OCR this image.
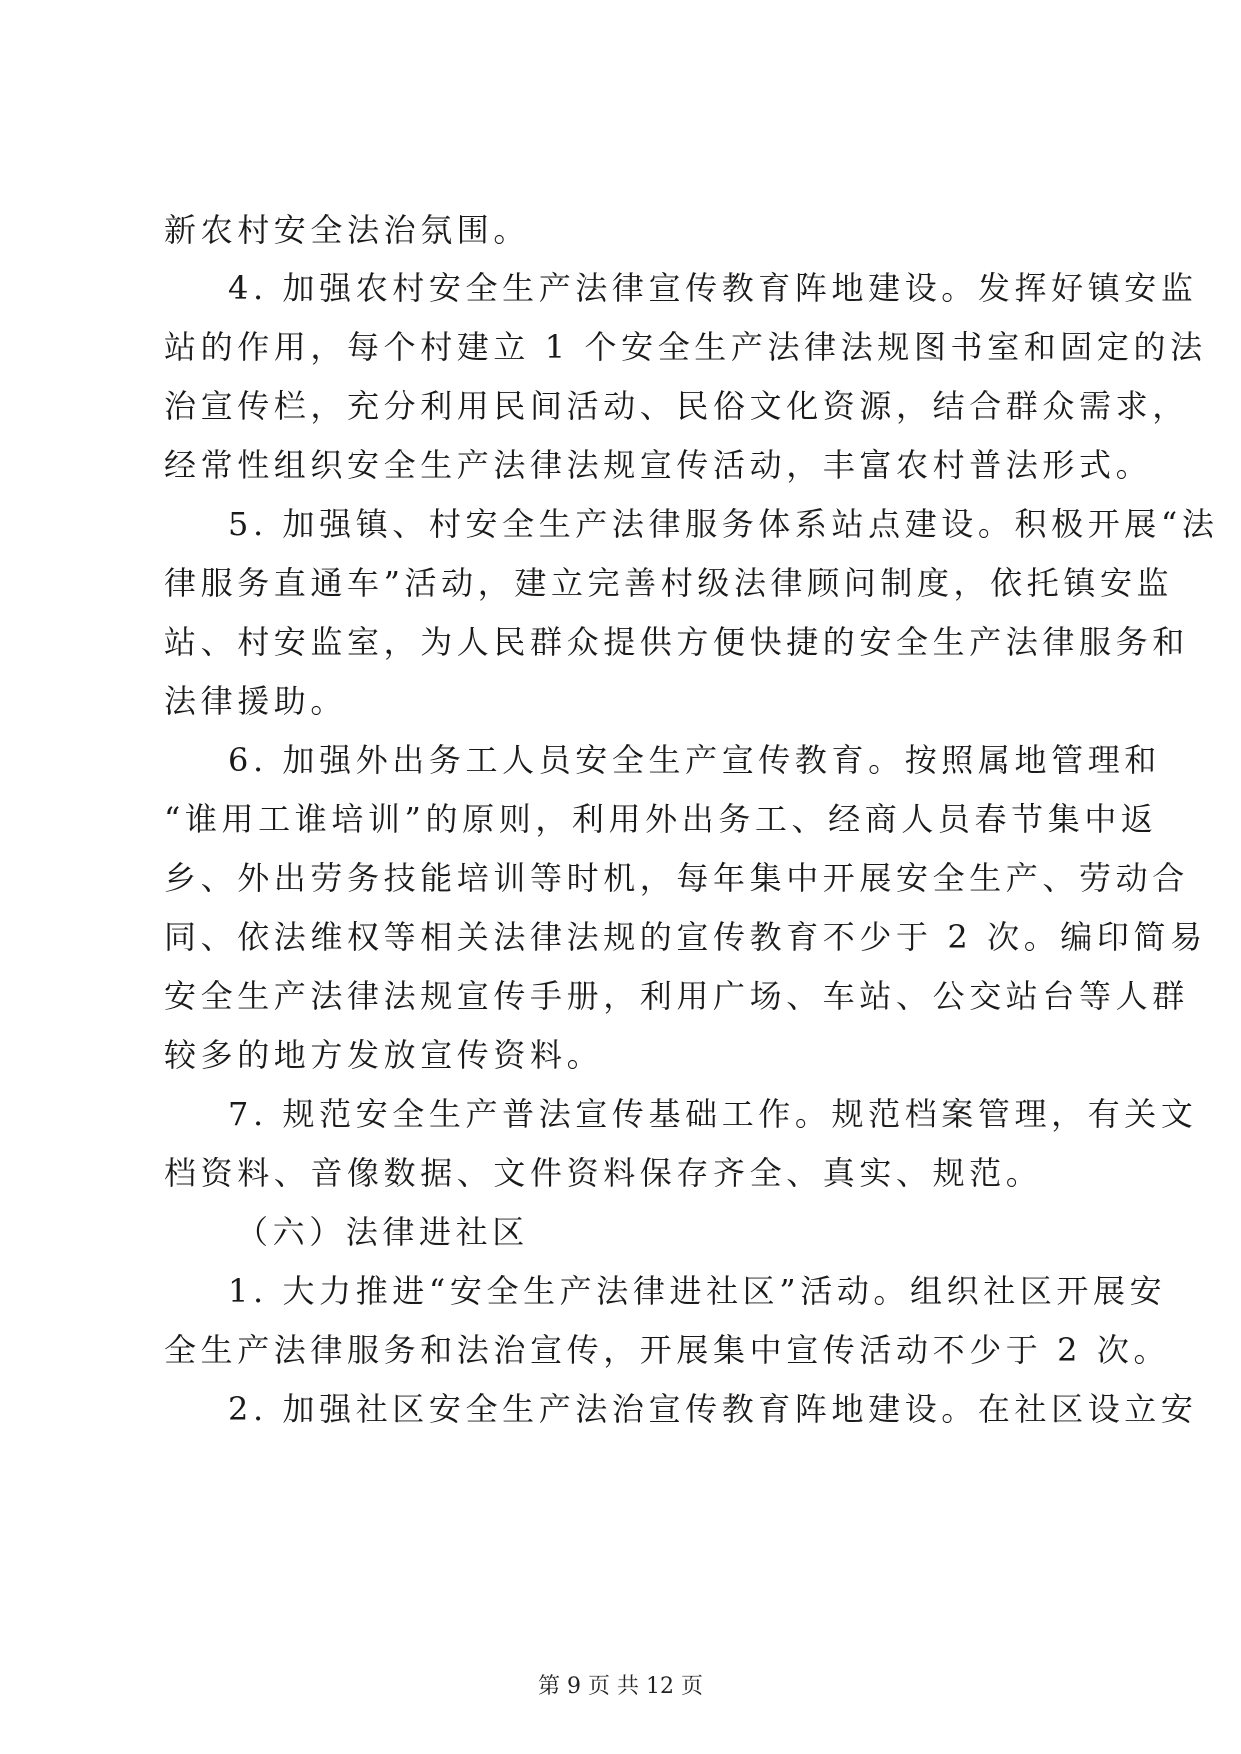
新农村安全法治氛围。
4. 加强农村安全生产法律宣传教育阵地建设。发挥好镇安监
站的作用，每个村建立 1 个安全生产法律法规图书室和固定的法
治宣传栏，充分利用民间活动、民俗文化资源，结合群众需求，
经常性组织安全生产法律法规宣传活动，丰富农村普法形式。
5. 加强镇、村安全生产法律服务体系站点建设。积极开展“法
律服务直通车”活动，建立完善村级法律顾问制度，依托镇安监
站、村安监室，为人民群众提供方便快捷的安全生产法律服务和
法律援助。
6. 加强外出务工人员安全生产宣传教育。按照属地管理和
“谁用工谁培训”的原则，利用外出务工、经商人员春节集中返
乡、外出劳务技能培训等时机，每年集中开展安全生产、劳动合
同、依法维权等相关法律法规的宣传教育不少于 2 次。编印简易
安全生产法律法规宣传手册，利用广场、车站、公交站台等人群
较多的地方发放宣传资料。
7. 规范安全生产普法宣传基础工作。规范档案管理，有关文
档资料、音像数据、文件资料保存齐全、真实、规范。
（六）法律进社区
1. 大力推进“安全生产法律进社区”活动。组织社区开展安
全生产法律服务和法治宣传，开展集中宣传活动不少于 2 次。
2. 加强社区安全生产法治宣传教育阵地建设。在社区设立安
第 9 页 共 12 页
